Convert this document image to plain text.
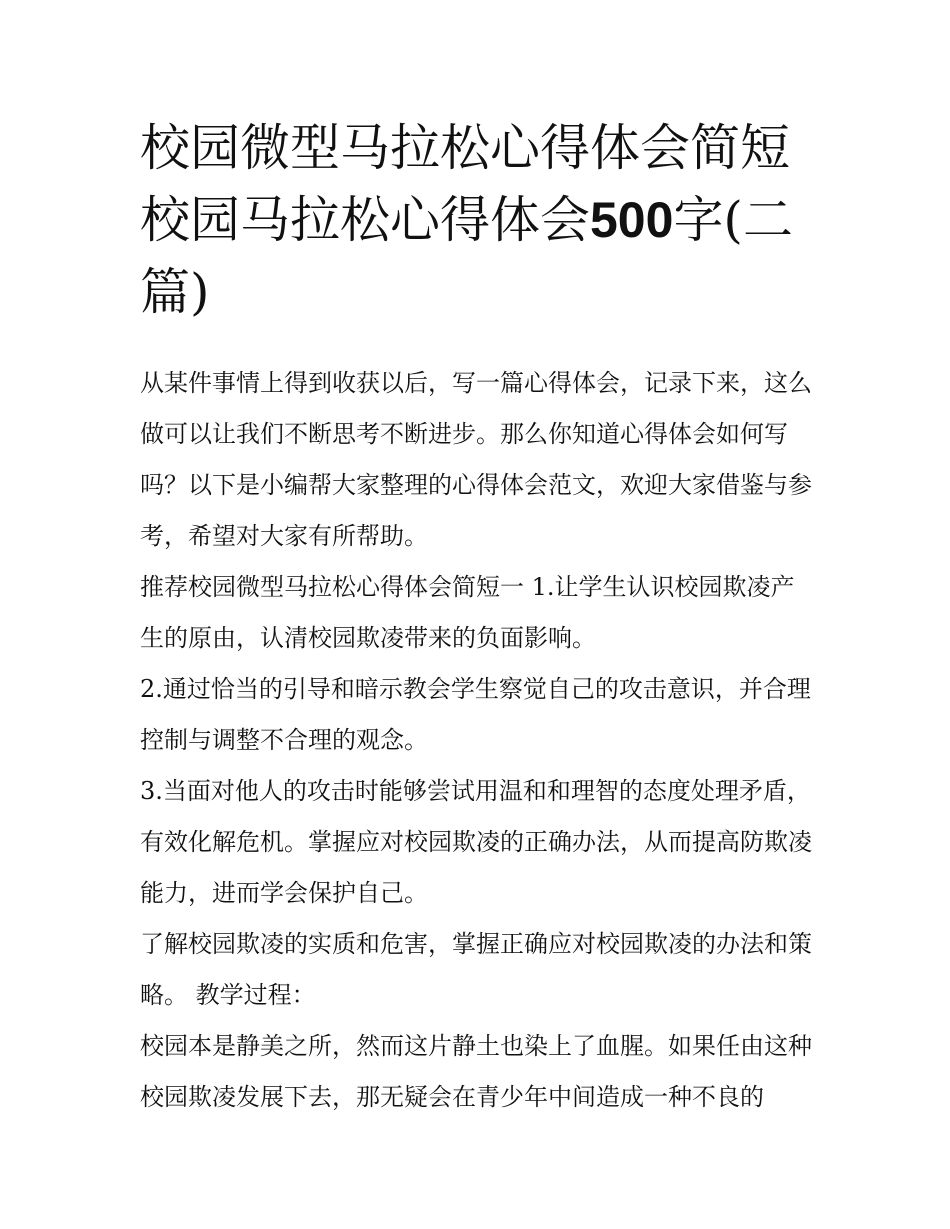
校园微型马拉松心得体会简短校园马拉松心得体会500字(二篇)

从某件事情上得到收获以后，写一篇心得体会，记录下来，这么做可以让我们不断思考不断进步。那么你知道心得体会如何写吗？以下是小编帮大家整理的心得体会范文，欢迎大家借鉴与参考，希望对大家有所帮助。

推荐校园微型马拉松心得体会简短一 1.让学生认识校园欺凌产生的原由，认清校园欺凌带来的负面影响。

2.通过恰当的引导和暗示教会学生察觉自己的攻击意识，并合理控制与调整不合理的观念。

3.当面对他人的攻击时能够尝试用温和和理智的态度处理矛盾，有效化解危机。掌握应对校园欺凌的正确办法，从而提高防欺凌能力，进而学会保护自己。

了解校园欺凌的实质和危害，掌握正确应对校园欺凌的办法和策略。 教学过程：

校园本是静美之所，然而这片静土也染上了血腥。如果任由这种校园欺凌发展下去，那无疑会在青少年中间造成一种不良的
